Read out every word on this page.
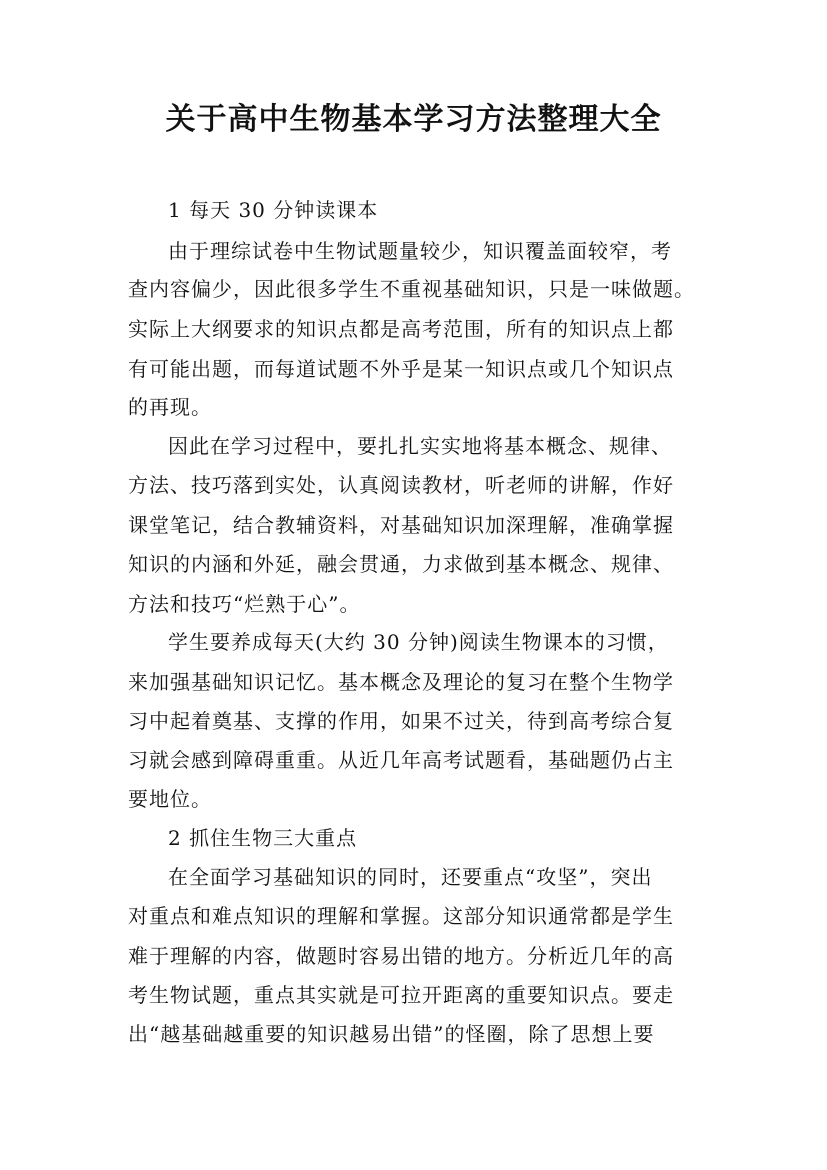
关于高中生物基本学习方法整理大全
1 每天 30 分钟读课本
由于理综试卷中生物试题量较少，知识覆盖面较窄，考
查内容偏少，因此很多学生不重视基础知识，只是一味做题。
实际上大纲要求的知识点都是高考范围，所有的知识点上都
有可能出题，而每道试题不外乎是某一知识点或几个知识点
的再现。
因此在学习过程中，要扎扎实实地将基本概念、规律、
方法、技巧落到实处，认真阅读教材，听老师的讲解，作好
课堂笔记，结合教辅资料，对基础知识加深理解，准确掌握
知识的内涵和外延，融会贯通，力求做到基本概念、规律、
方法和技巧“烂熟于心”。
学生要养成每天(大约 30 分钟)阅读生物课本的习惯，
来加强基础知识记忆。基本概念及理论的复习在整个生物学
习中起着奠基、支撑的作用，如果不过关，待到高考综合复
习就会感到障碍重重。从近几年高考试题看，基础题仍占主
要地位。
2 抓住生物三大重点
在全面学习基础知识的同时，还要重点“攻坚”，突出
对重点和难点知识的理解和掌握。这部分知识通常都是学生
难于理解的内容，做题时容易出错的地方。分析近几年的高
考生物试题，重点其实就是可拉开距离的重要知识点。要走
出“越基础越重要的知识越易出错”的怪圈，除了思想上要
